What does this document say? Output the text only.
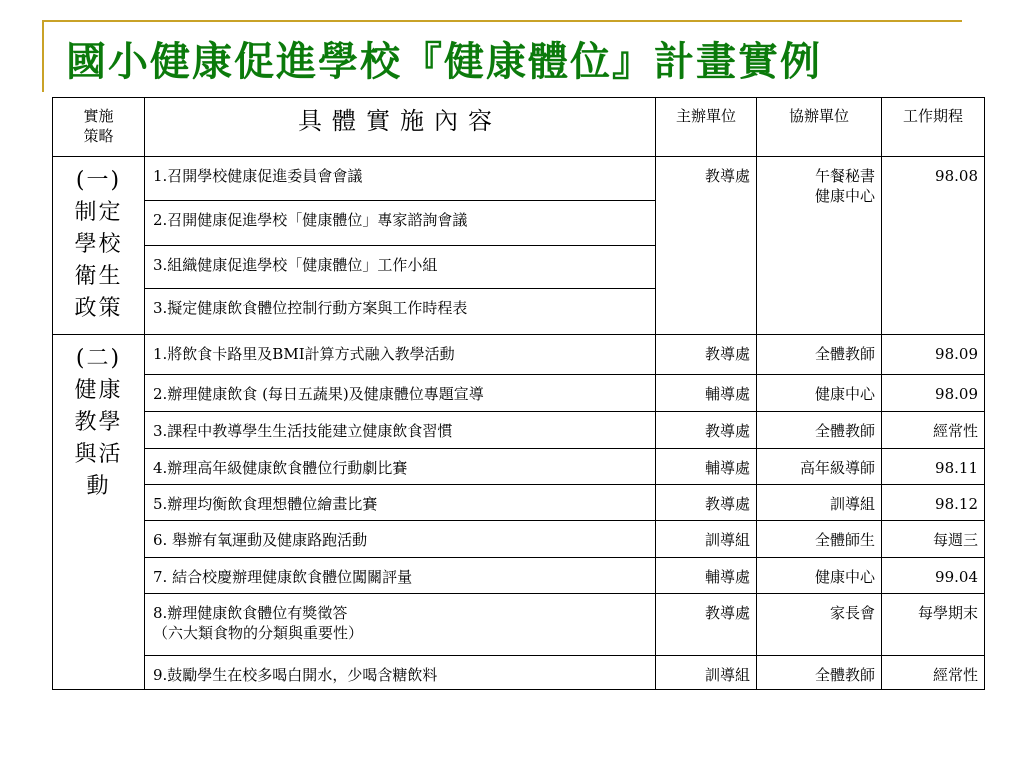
國小健康促進學校『健康體位』計畫實例
實施
策略	具體實施內容	主辦單位	協辦單位	工作期程
(一)
制定
學校
衛生
政策	1.召開學校健康促進委員會會議	教導處	午餐秘書
健康中心	98.08
	2.召開健康促進學校「健康體位」專家諮詢會議			
	3.組織健康促進學校「健康體位」工作小組			
	3.擬定健康飲食體位控制行動方案與工作時程表			
(二)
健康
教學
與活
動	1.將飲食卡路里及BMI計算方式融入教學活動	教導處	全體教師	98.09
	2.辦理健康飲食 (每日五蔬果)及健康體位專題宣導	輔導處	健康中心	98.09
	3.課程中教導學生生活技能建立健康飲食習慣	教導處	全體教師	經常性
	4.辦理高年級健康飲食體位行動劇比賽	輔導處	高年級導師	98.11
	5.辦理均衡飲食理想體位繪畫比賽	教導處	訓導組	98.12
	6. 舉辦有氧運動及健康路跑活動	訓導組	全體師生	每週三
	7. 結合校慶辦理健康飲食體位闖關評量	輔導處	健康中心	99.04
	8.辦理健康飲食體位有獎徵答
（六大類食物的分類與重要性）	教導處	家長會	每學期末
	9.鼓勵學生在校多喝白開水，少喝含糖飲料	訓導組	全體教師	經常性
